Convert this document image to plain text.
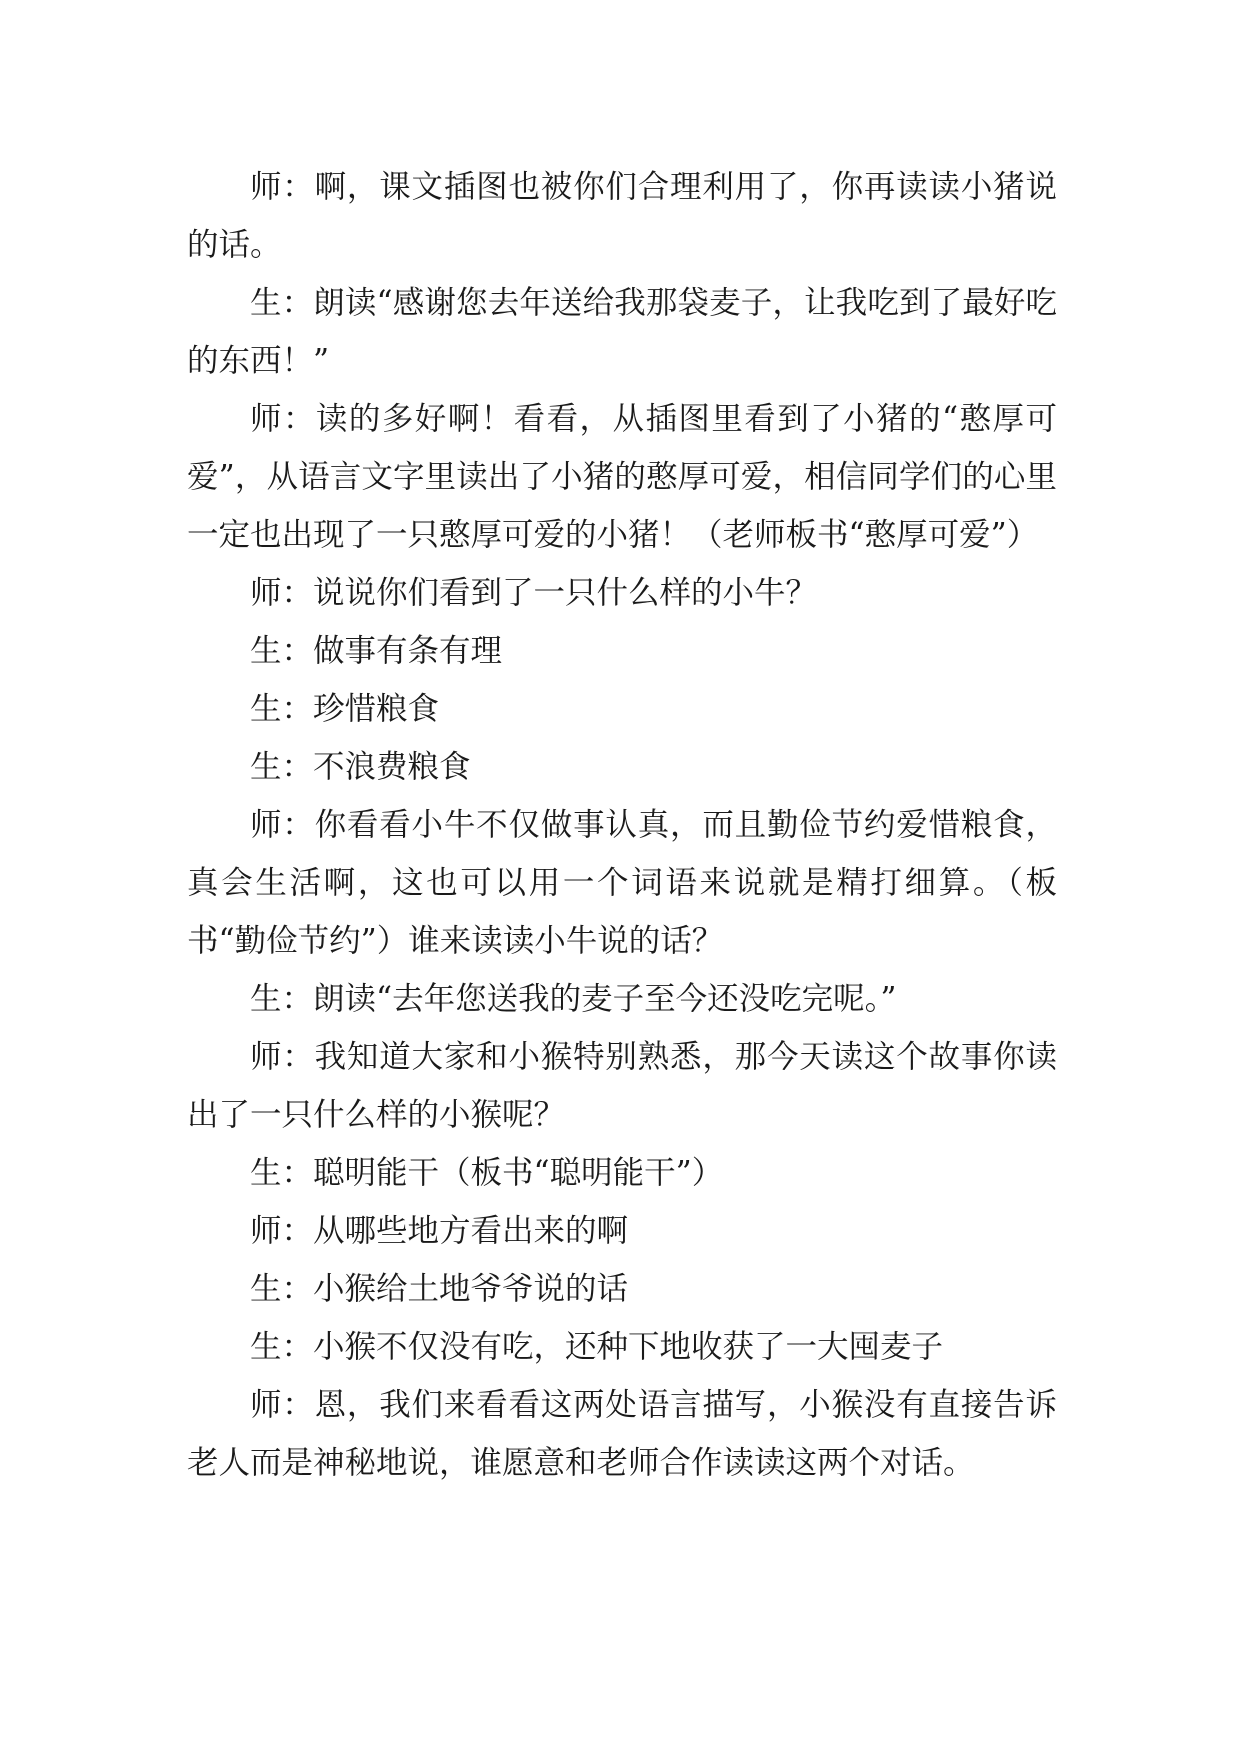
师：啊，课文插图也被你们合理利用了，你再读读小猪说的话。

生：朗读“感谢您去年送给我那袋麦子，让我吃到了最好吃的东西！”

师：读的多好啊！看看，从插图里看到了小猪的“憨厚可爱”，从语言文字里读出了小猪的憨厚可爱，相信同学们的心里一定也出现了一只憨厚可爱的小猪！（老师板书“憨厚可爱”）

师：说说你们看到了一只什么样的小牛？

生：做事有条有理

生：珍惜粮食

生：不浪费粮食

师：你看看小牛不仅做事认真，而且勤俭节约爱惜粮食，真会生活啊，这也可以用一个词语来说就是精打细算。（板书“勤俭节约”）谁来读读小牛说的话？

生：朗读“去年您送我的麦子至今还没吃完呢。”

师：我知道大家和小猴特别熟悉，那今天读这个故事你读出了一只什么样的小猴呢？

生：聪明能干（板书“聪明能干”）

师：从哪些地方看出来的啊

生：小猴给土地爷爷说的话

生：小猴不仅没有吃，还种下地收获了一大囤麦子

师：恩，我们来看看这两处语言描写，小猴没有直接告诉老人而是神秘地说，谁愿意和老师合作读读这两个对话。
